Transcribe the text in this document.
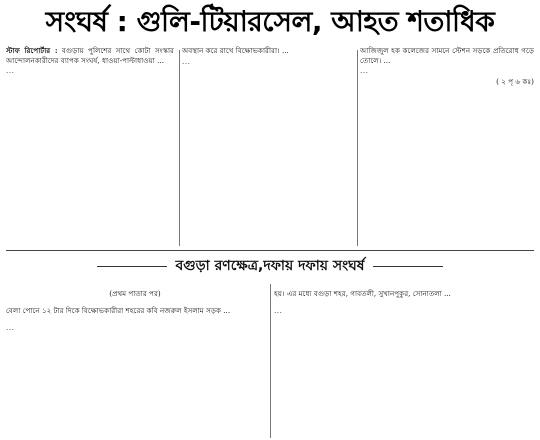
সংঘর্ষ : গুলি-টিয়ারসেল, আহত শতাধিক

স্টাফ রিপোর্টার : বগুড়ায় পুলিশের সাথে কোটা সংস্কার আন্দোলনকারীদের ব্যাপক সংঘর্ষ, ধাওয়া-পাল্টাধাওয়া ...

...

অবস্থান করে রাখে বিক্ষোভকারীরা। ...

...

আজিজুল হক কলেজের সামনে স্টেশন সড়কে প্রতিরোধ গড়ে তোলে। ...

...

( ২ পৃ ৬ কঃ)

বগুড়া রণক্ষেত্র,দফায় দফায় সংঘর্ষ

(প্রথম পাতার পর)

বেলা পোনে ১২ টার দিকে বিক্ষোভকারীরা শহরের কবি নজরুল ইসলাম সড়ক ...

...

হয়। এর মধ্যে বগুড়া শহর, গাবতলী, সুখানপুকুর, সোনাতলা ...

...
